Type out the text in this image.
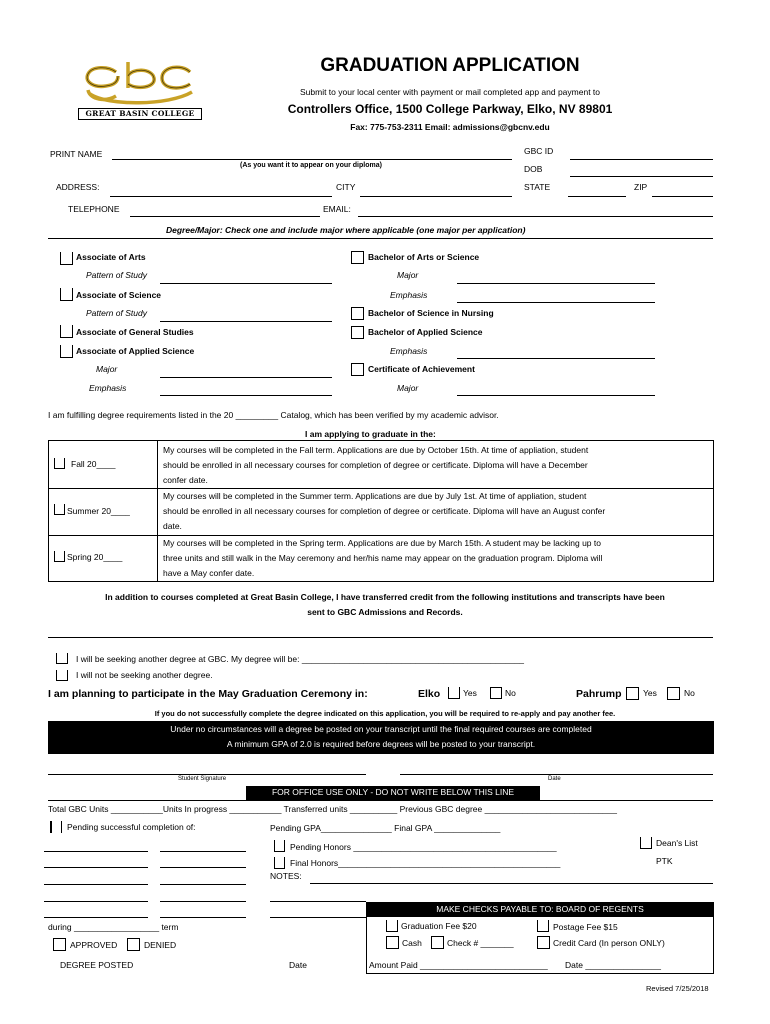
GREAT BASIN COLLEGE
GRADUATION APPLICATION
Submit to your local center with payment or mail completed app and payment to
Controllers Office, 1500 College Parkway, Elko, NV 89801
Fax: 775-753-2311 Email: admissions@gbcnv.edu
PRINT NAME
(As you want it to appear on your diploma)
GBC ID
DOB
ADDRESS:	CITY	STATE	ZIP
TELEPHONE	EMAIL:
Degree/Major: Check one and include major where applicable (one major per application)
Associate of Arts
Pattern of Study
Associate of Science
Pattern of Study
Associate of General Studies
Associate of Applied Science
Major
Emphasis
Bachelor of Arts or Science
Major
Emphasis
Bachelor of Science in Nursing
Bachelor of Applied Science
Emphasis
Certificate of Achievement
Major
I am fulfilling degree requirements listed in the 20 _________ Catalog, which has been verified by my academic advisor.
I am applying to graduate in the:
Fall 20____
My courses will be completed in the Fall term. Applications are due by October 15th. At time of appliation, student
should be enrolled in all necessary courses for completion of degree or certificate. Diploma will have a December
confer date.
Summer 20____
My courses will be completed in the Summer term. Applications are due by July 1st. At time of appliation, student
should be enrolled in all necessary courses for completion of degree or certificate. Diploma will have an August confer
date.
Spring 20____
My courses will be completed in the Spring term. Applications are due by March 15th. A student may be lacking up to
three units and still walk in the May ceremony and her/his name may appear on the graduation program. Diploma will
have a May confer date.
In addition to courses completed at Great Basin College, I have transferred credit from the following institutions and transcripts have been
sent to GBC Admissions and Records.
I will be seeking another degree at GBC. My degree will be: _______________________________________________
I will not be seeking another degree.
I am planning to participate in the May Graduation Ceremony in:	Elko	Yes	No	Pahrump	Yes	No
If you do not successfully complete the degree indicated on this application, you will be required to re-apply and pay another fee.
Under no circumstances will a degree be posted on your transcript until the final required courses are completed
A minimum GPA of 2.0 is required before degrees will be posted to your transcript.
Student Signature	Date
FOR OFFICE USE ONLY - DO NOT WRITE BELOW THIS LINE
Total GBC Units ___________Units In progress ___________ Transferred units __________ Previous GBC degree ____________________________
Pending successful completion of:	Pending GPA_______________ Final GPA ______________
Pending Honors ___________________________________________
Final Honors_______________________________________________
NOTES:
Dean's List
PTK
during __________________ term
APPROVED	DENIED
DEGREE POSTED	Date
MAKE CHECKS PAYABLE TO: BOARD OF REGENTS
Graduation Fee $20	Postage Fee $15
Cash	Check # _______	Credit Card (In person ONLY)
Amount Paid ___________________________ Date ________________
Revised 7/25/2018
